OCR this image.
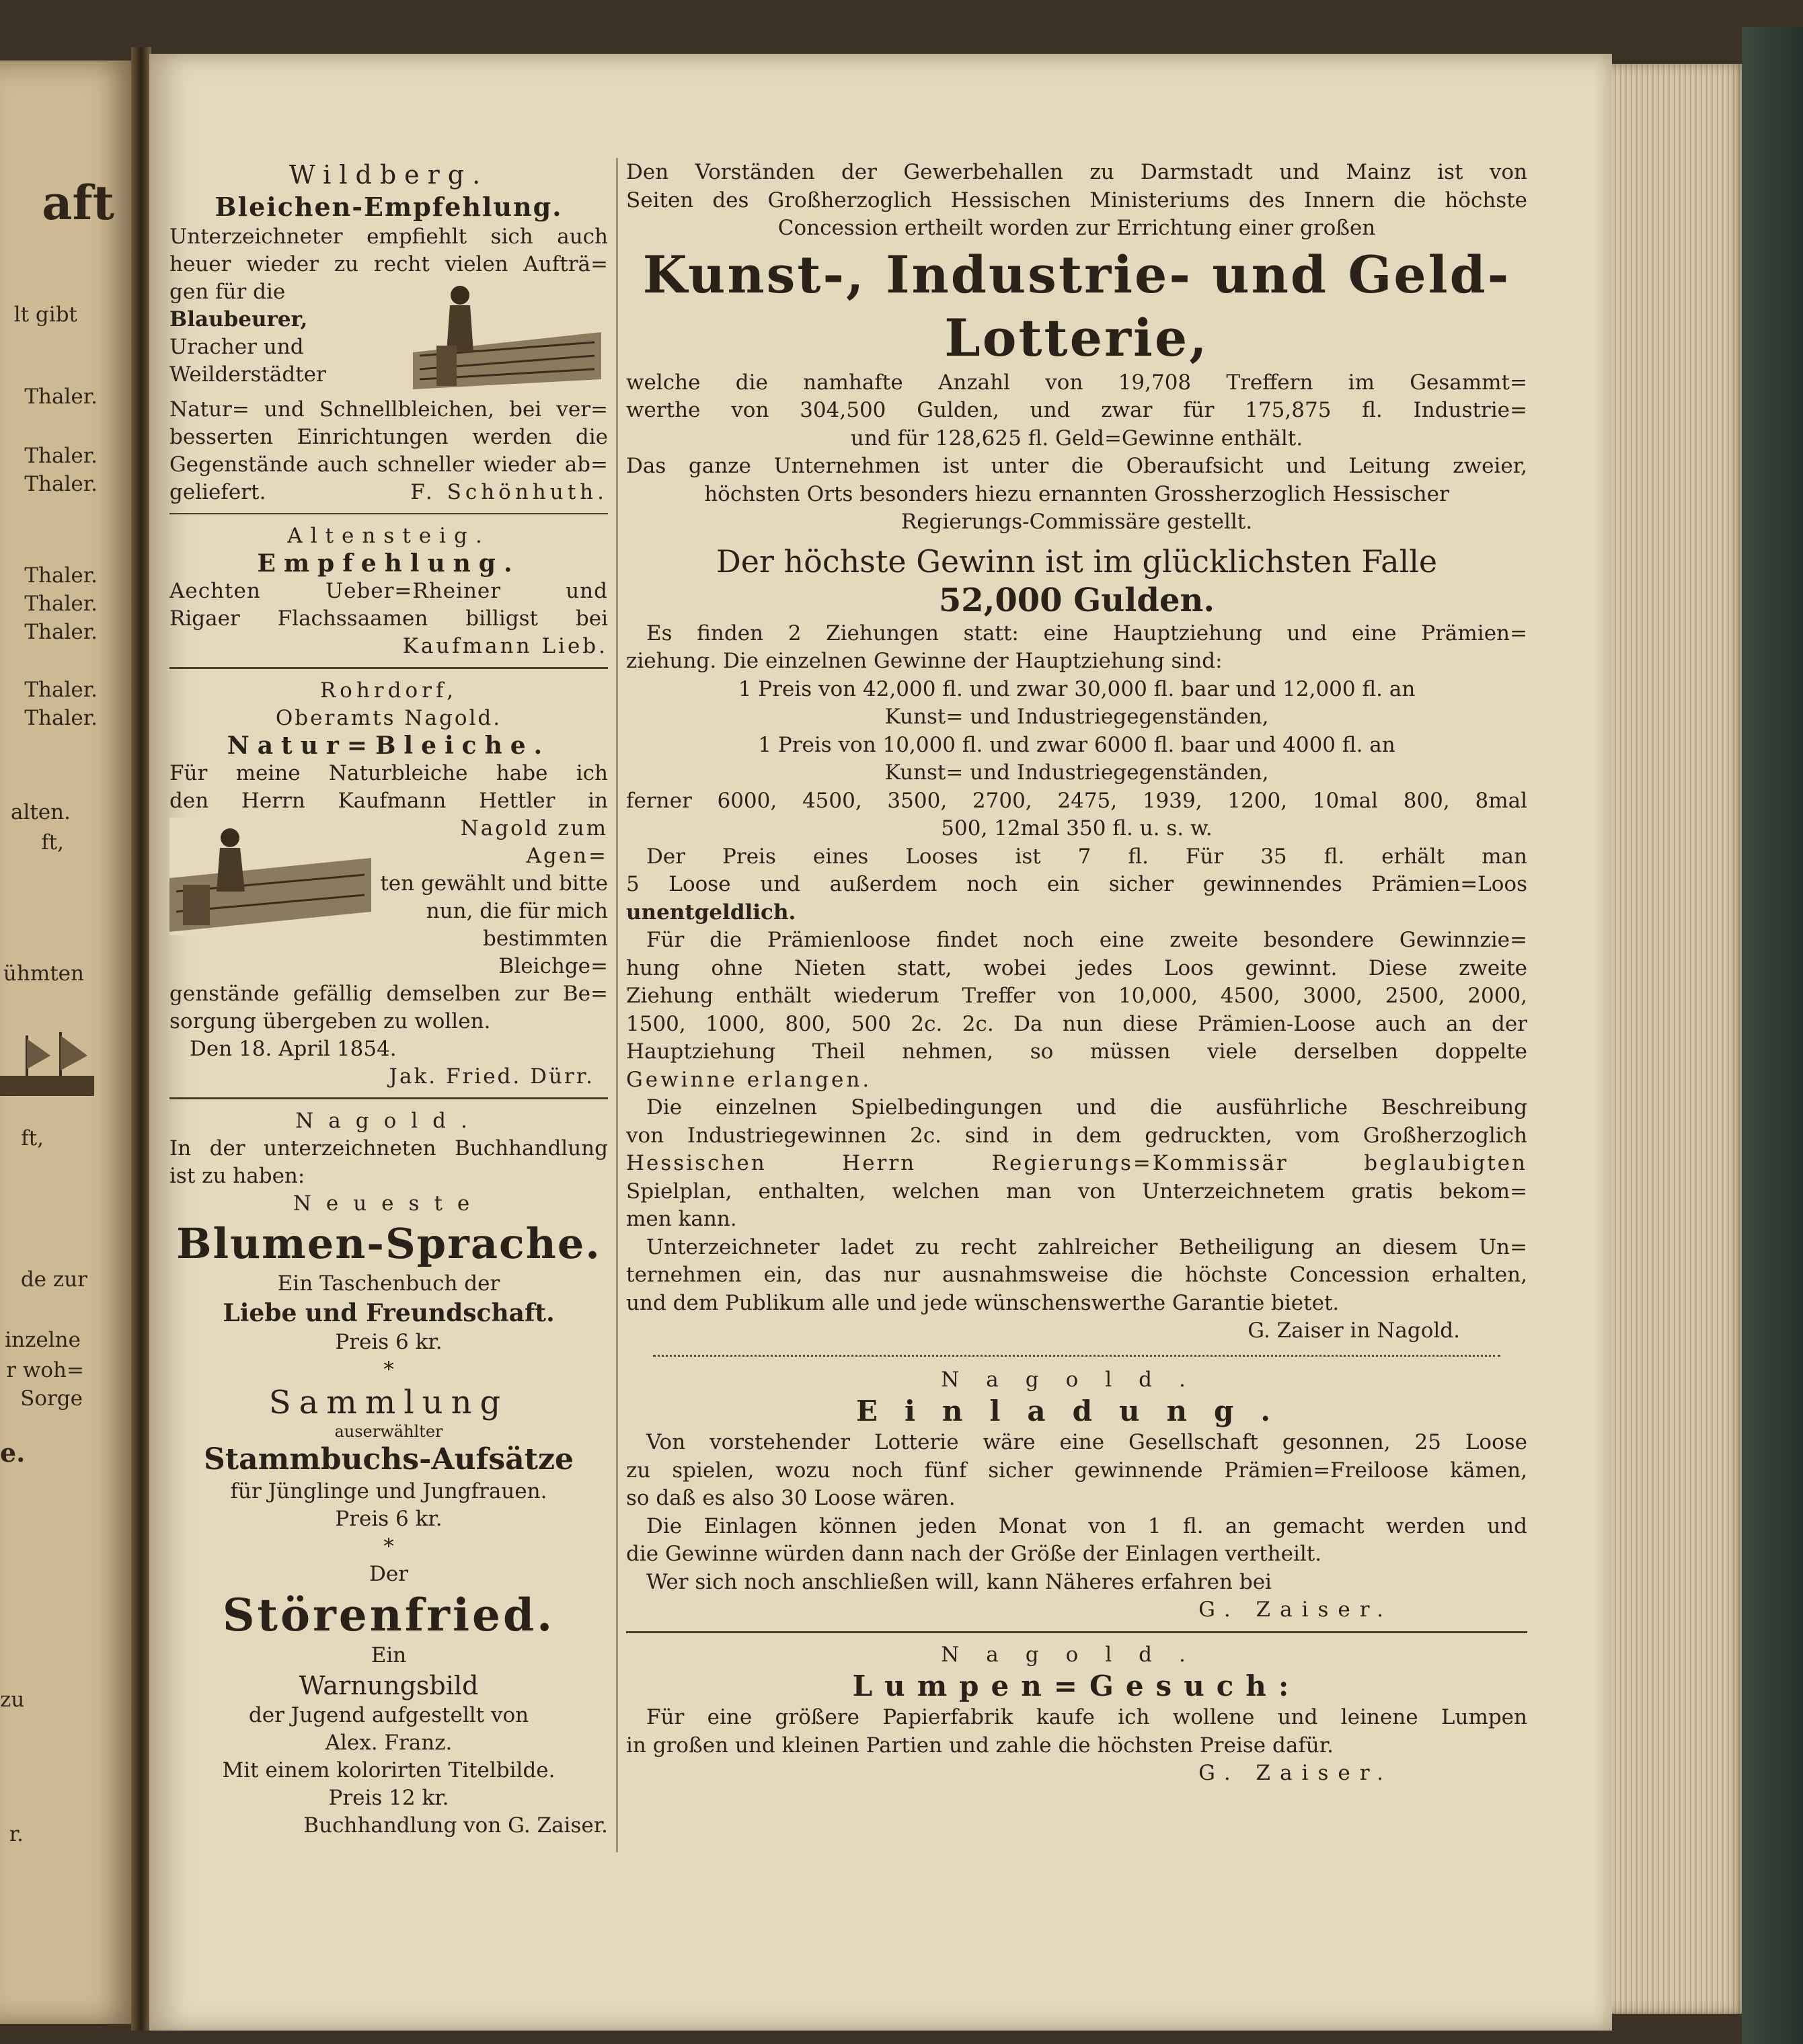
aft
lt gibt
Thaler.
Thaler.
Thaler.
Thaler.
Thaler.
Thaler.
Thaler.
Thaler.
alten.
ft,
ühmten
ft,
de zur
inzelne
r woh=
Sorge
e.
zu
r.
Wildberg.
Bleichen-Empfehlung.
Unterzeichneter empfiehlt sich auch
heuer wieder zu recht vielen Aufträ=
gen für die
Blaubeurer,
Uracher und
Weilderstädter
Natur= und Schnellbleichen, bei ver=
besserten Einrichtungen werden die
Gegenstände auch schneller wieder ab=
geliefert.	F. Schönhuth.
Altensteig.
Empfehlung.
Aechten Ueber=Rheiner und
Rigaer Flachssaamen billigst bei
Kaufmann Lieb.
Rohrdorf,
Oberamts Nagold.
Natur=Bleiche.
Für meine Naturbleiche habe ich
den Herrn Kaufmann Hettler in
Nagold zum Agen=
ten gewählt und bitte
nun, die für mich
bestimmten Bleichge=
genstände gefällig demselben zur Be=
sorgung übergeben zu wollen.
Den 18. April 1854.
Jak. Fried. Dürr.
Nagold.
In der unterzeichneten Buchhandlung
ist zu haben:
Neueste
Blumen-Sprache.
Ein Taschenbuch der
Liebe und Freundschaft.
Preis 6 kr.
*
Sammlung
auserwählter
Stammbuchs-Aufsätze
für Jünglinge und Jungfrauen.
Preis 6 kr.
*
Der
Störenfried.
Ein
Warnungsbild
der Jugend aufgestellt von
Alex. Franz.
Mit einem kolorirten Titelbilde.
Preis 12 kr.
Buchhandlung von G. Zaiser.
Den Vorständen der Gewerbehallen zu Darmstadt und Mainz ist von
Seiten des Großherzoglich Hessischen Ministeriums des Innern die höchste
Concession ertheilt worden zur Errichtung einer großen
Kunst-, Industrie- und Geld-
Lotterie,
welche die namhafte Anzahl von 19,708 Treffern im Gesammt=
werthe von 304,500 Gulden, und zwar für 175,875 fl. Industrie=
und für 128,625 fl. Geld=Gewinne enthält.
Das ganze Unternehmen ist unter die Oberaufsicht und Leitung zweier,
höchsten Orts besonders hiezu ernannten Grossherzoglich Hessischer
Regierungs-Commissäre gestellt.
Der höchste Gewinn ist im glücklichsten Falle
52,000 Gulden.
Es finden 2 Ziehungen statt: eine Hauptziehung und eine Prämien=
ziehung. Die einzelnen Gewinne der Hauptziehung sind:
1 Preis von 42,000 fl. und zwar 30,000 fl. baar und 12,000 fl. an
Kunst= und Industriegegenständen,
1 Preis von 10,000 fl. und zwar 6000 fl. baar und 4000 fl. an
Kunst= und Industriegegenständen,
ferner 6000, 4500, 3500, 2700, 2475, 1939, 1200, 10mal 800, 8mal
500, 12mal 350 fl. u. s. w.
Der Preis eines Looses ist 7 fl. Für 35 fl. erhält man
5 Loose und außerdem noch ein sicher gewinnendes Prämien=Loos
unentgeldlich.
Für die Prämienloose findet noch eine zweite besondere Gewinnzie=
hung ohne Nieten statt, wobei jedes Loos gewinnt. Diese zweite
Ziehung enthält wiederum Treffer von 10,000, 4500, 3000, 2500, 2000,
1500, 1000, 800, 500 2c. 2c. Da nun diese Prämien-Loose auch an der
Hauptziehung Theil nehmen, so müssen viele derselben doppelte
Gewinne erlangen.
Die einzelnen Spielbedingungen und die ausführliche Beschreibung
von Industriegewinnen 2c. sind in dem gedruckten, vom Großherzoglich
Hessischen Herrn Regierungs=Kommissär beglaubigten
Spielplan, enthalten, welchen man von Unterzeichnetem gratis bekom=
men kann.
Unterzeichneter ladet zu recht zahlreicher Betheiligung an diesem Un=
ternehmen ein, das nur ausnahmsweise die höchste Concession erhalten,
und dem Publikum alle und jede wünschenswerthe Garantie bietet.
G. Zaiser in Nagold.
Nagold.
Einladung.
Von vorstehender Lotterie wäre eine Gesellschaft gesonnen, 25 Loose
zu spielen, wozu noch fünf sicher gewinnende Prämien=Freiloose kämen,
so daß es also 30 Loose wären.
Die Einlagen können jeden Monat von 1 fl. an gemacht werden und
die Gewinne würden dann nach der Größe der Einlagen vertheilt.
Wer sich noch anschließen will, kann Näheres erfahren bei
G. Zaiser.
Nagold.
Lumpen=Gesuch:
Für eine größere Papierfabrik kaufe ich wollene und leinene Lumpen
in großen und kleinen Partien und zahle die höchsten Preise dafür.
G. Zaiser.
